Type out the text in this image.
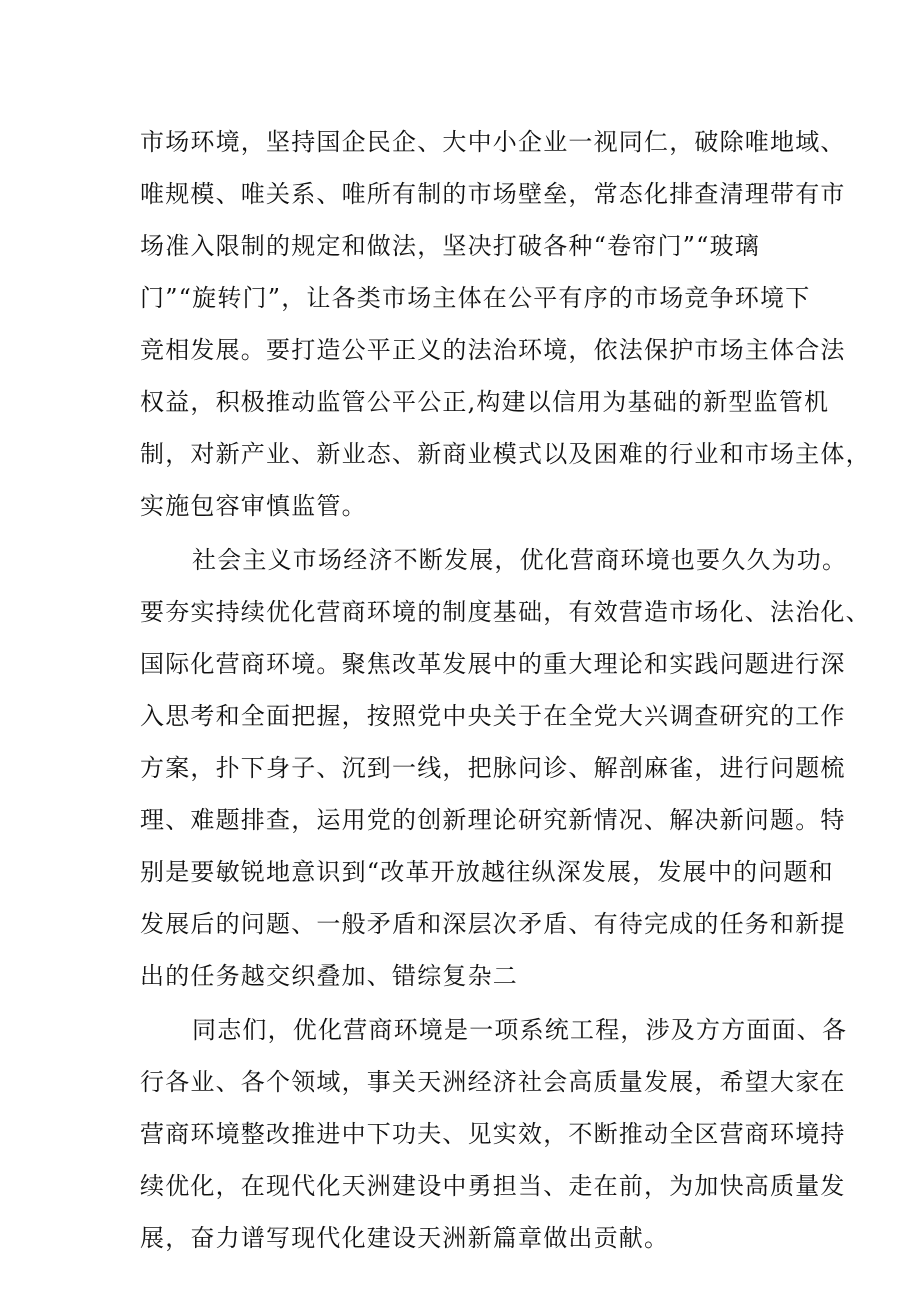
市场环境，坚持国企民企、大中小企业一视同仁，破除唯地域、
唯规模、唯关系、唯所有制的市场壁垒，常态化排查清理带有市
场准入限制的规定和做法，坚决打破各种“卷帘门”“玻璃
门”“旋转门”，让各类市场主体在公平有序的市场竞争环境下
竞相发展。要打造公平正义的法治环境，依法保护市场主体合法
权益，积极推动监管公平公正,构建以信用为基础的新型监管机
制，对新产业、新业态、新商业模式以及困难的行业和市场主体，
实施包容审慎监管。
社会主义市场经济不断发展，优化营商环境也要久久为功。
要夯实持续优化营商环境的制度基础，有效营造市场化、法治化、
国际化营商环境。聚焦改革发展中的重大理论和实践问题进行深
入思考和全面把握，按照党中央关于在全党大兴调查研究的工作
方案，扑下身子、沉到一线，把脉问诊、解剖麻雀，进行问题梳
理、难题排查，运用党的创新理论研究新情况、解决新问题。特
别是要敏锐地意识到“改革开放越往纵深发展，发展中的问题和
发展后的问题、一般矛盾和深层次矛盾、有待完成的任务和新提
出的任务越交织叠加、错综复杂二
同志们，优化营商环境是一项系统工程，涉及方方面面、各
行各业、各个领域，事关天洲经济社会高质量发展，希望大家在
营商环境整改推进中下功夫、见实效，不断推动全区营商环境持
续优化，在现代化天洲建设中勇担当、走在前，为加快高质量发
展，奋力谱写现代化建设天洲新篇章做出贡献。
